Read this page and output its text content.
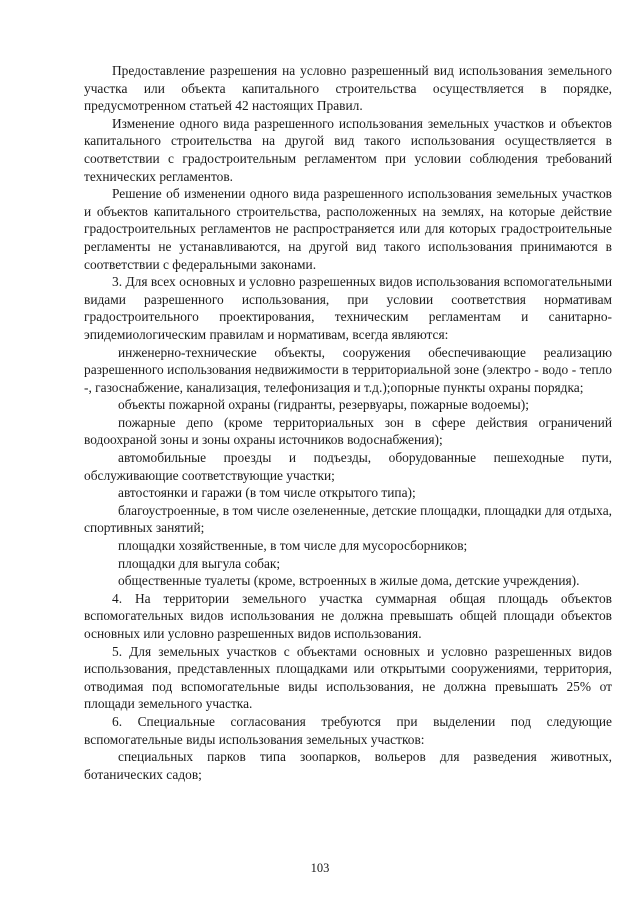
Предоставление разрешения на условно разрешенный вид использования земельного участка или объекта капитального строительства осуществляется в порядке, предусмотренном статьей 42 настоящих Правил.

Изменение одного вида разрешенного использования земельных участков и объектов капитального строительства на другой вид такого использования осуществляется в соответствии с градостроительным регламентом при условии соблюдения требований технических регламентов.

Решение об изменении одного вида разрешенного использования земельных участков и объектов капитального строительства, расположенных на землях, на которые действие градостроительных регламентов не распространяется или для которых градостроительные регламенты не устанавливаются, на другой вид такого использования принимаются в соответствии с федеральными законами.

3. Для всех основных и условно разрешенных видов использования вспомогательными видами разрешенного использования, при условии соответствия нормативам градостроительного проектирования, техническим регламентам и санитарно-эпидемиологическим правилам и нормативам, всегда являются:

инженерно-технические объекты, сооружения обеспечивающие реализацию разрешенного использования недвижимости в территориальной зоне (электро - водо - тепло -, газоснабжение, канализация, телефонизация и т.д.);опорные пункты охраны порядка;

объекты пожарной охраны (гидранты, резервуары, пожарные водоемы);

пожарные депо (кроме территориальных зон в сфере действия ограничений водоохраной зоны и зоны охраны источников водоснабжения);

автомобильные проезды и подъезды, оборудованные пешеходные пути, обслуживающие соответствующие участки;

автостоянки и гаражи (в том числе открытого типа);

благоустроенные, в том числе озелененные, детские площадки, площадки для отдыха, спортивных занятий;

площадки хозяйственные, в том числе для мусоросборников;

площадки для выгула собак;

общественные туалеты (кроме, встроенных в жилые дома, детские учреждения).

4. На территории земельного участка суммарная общая площадь объектов вспомогательных видов использования не должна превышать общей площади объектов основных или условно разрешенных видов использования.

5. Для земельных участков с объектами основных и условно разрешенных видов использования, представленных площадками или открытыми сооружениями, территория, отводимая под вспомогательные виды использования, не должна превышать 25% от площади земельного участка.

6. Специальные согласования требуются при выделении под следующие вспомогательные виды использования земельных участков:

специальных парков типа зоопарков, вольеров для разведения животных, ботанических садов;

103
